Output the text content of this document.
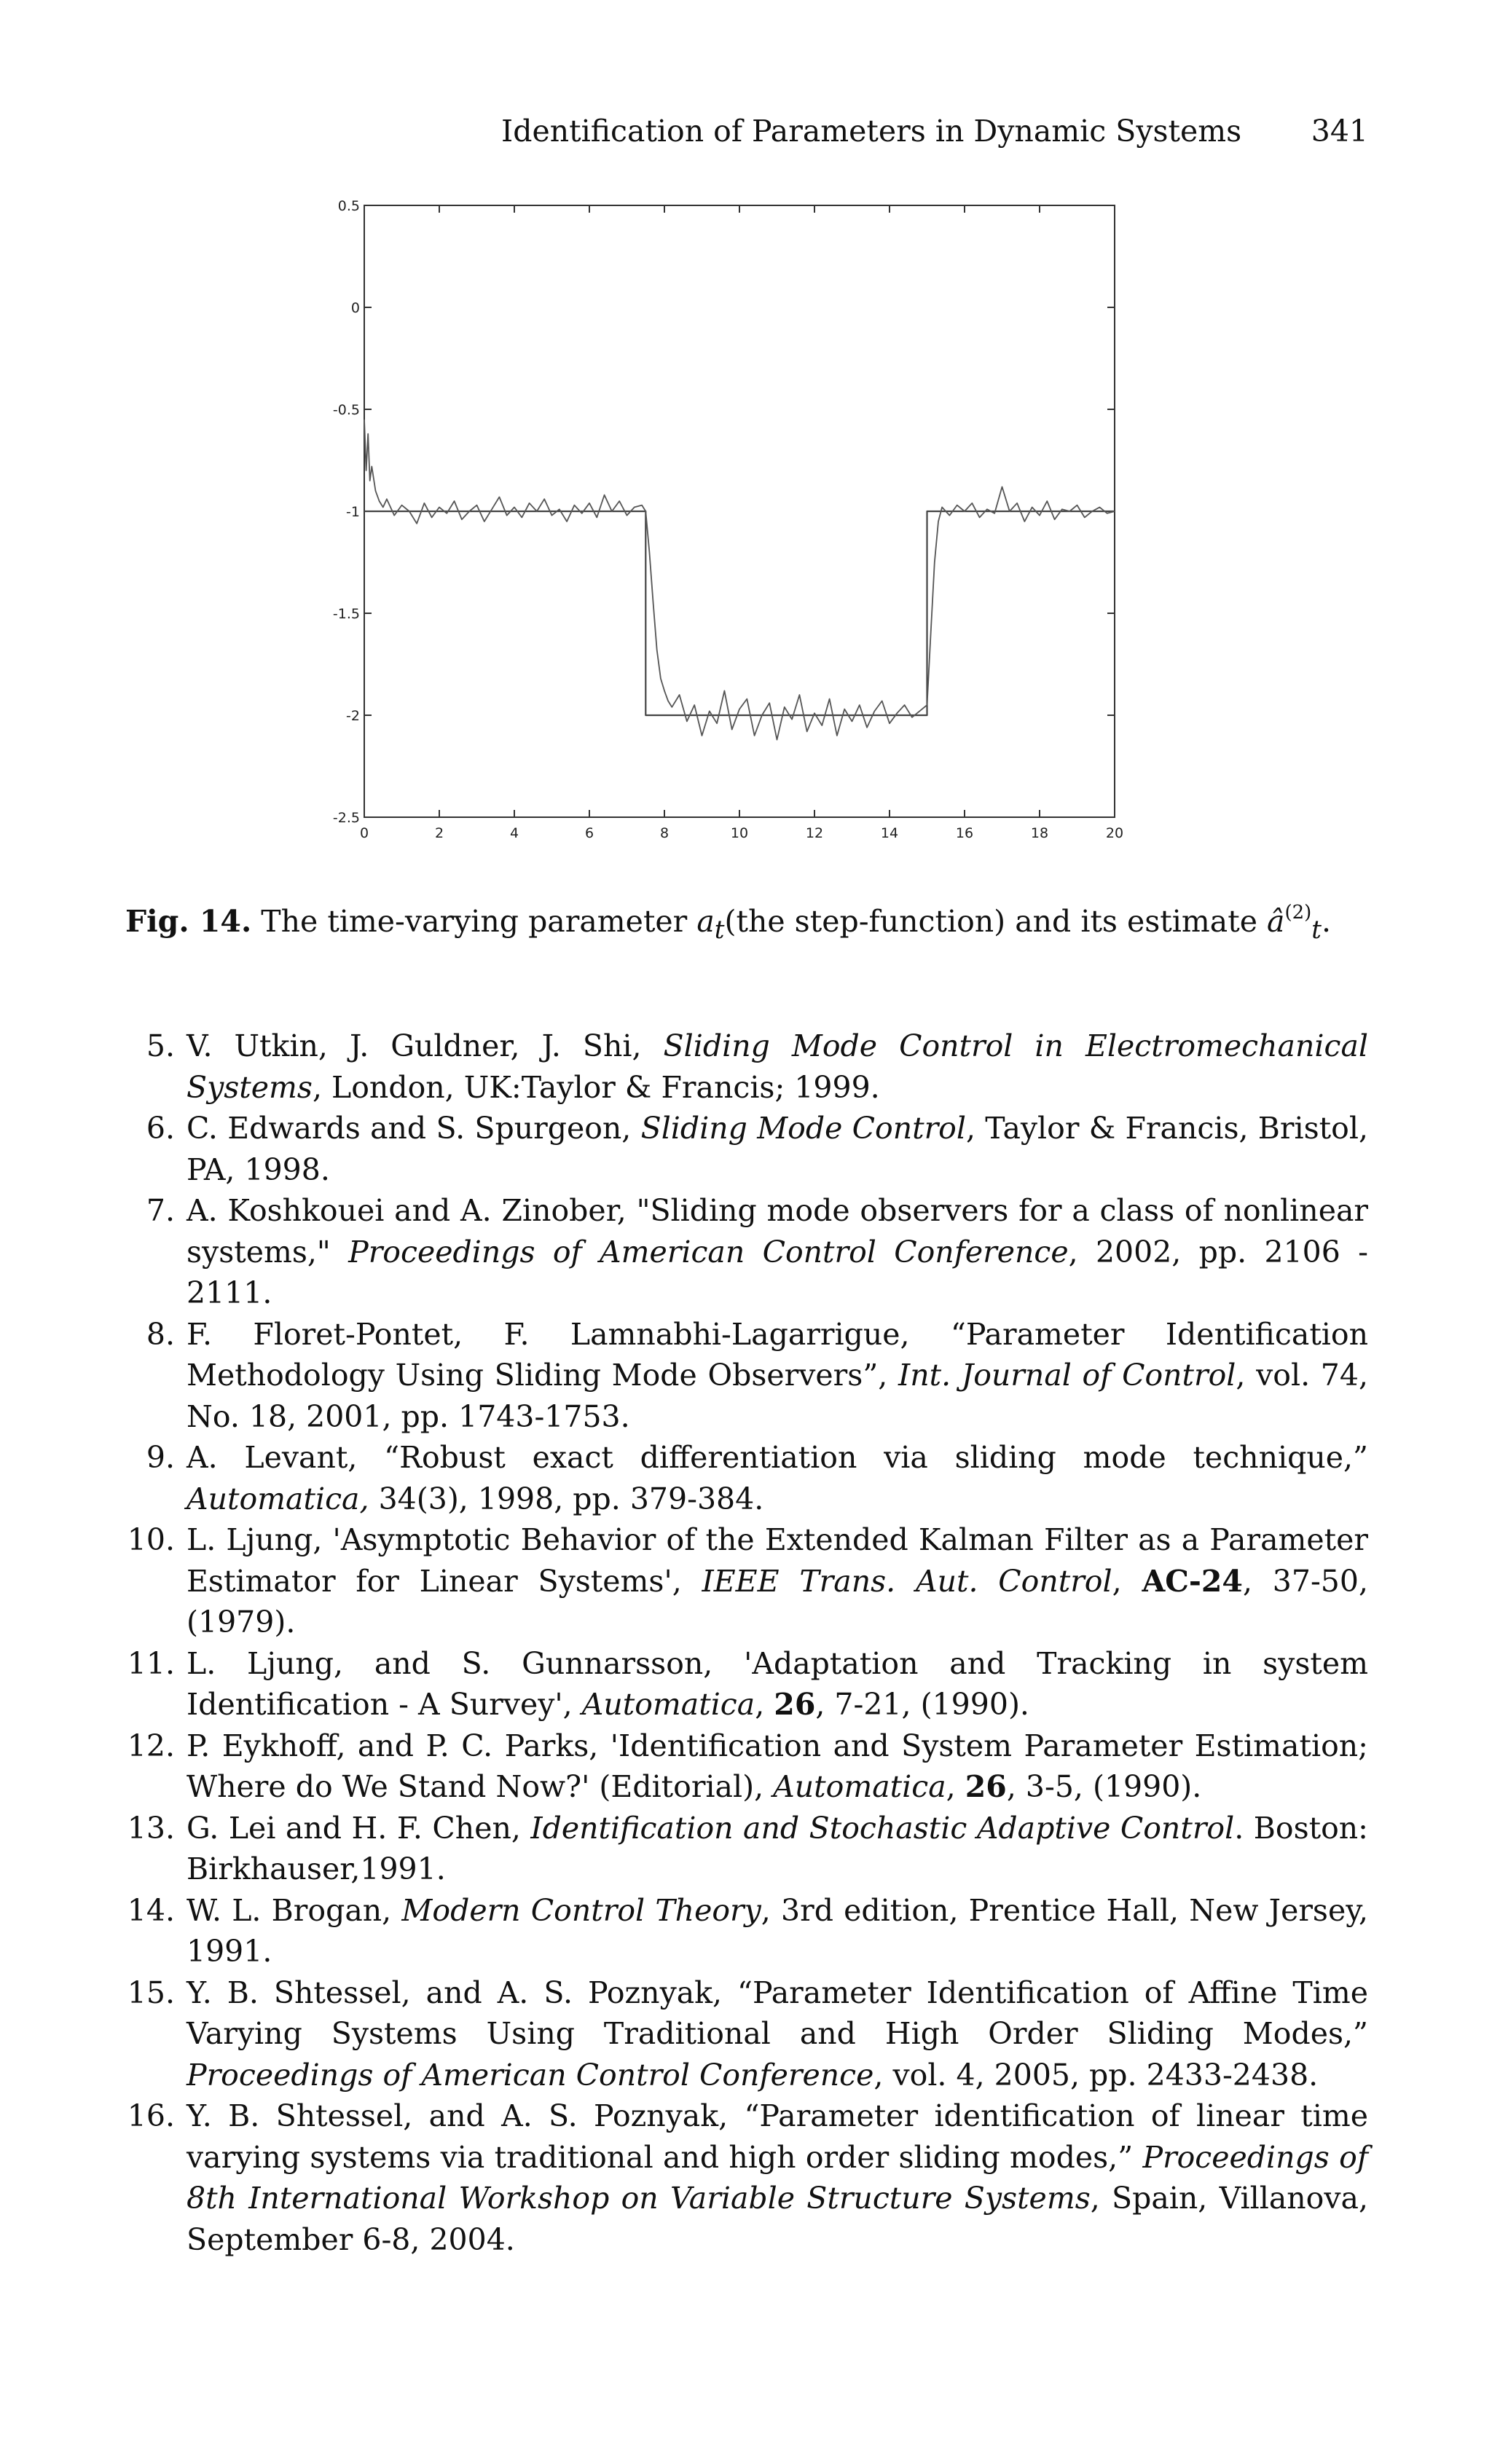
Identification of Parameters in Dynamic Systems 341
0	2	4	6	8	10	12	14	16	18	20
0.5
0
-0.5
-1
-1.5
-2
-2.5
Fig. 14. The time-varying parameter $a_t(the$ step-function) and its estimate $â^{(2)}_t$.
5. V. Utkin, J. Guldner, J. Shi, Sliding Mode Control in Electromechanical Systems, London, UK:Taylor & Francis; 1999.
6. C. Edwards and S. Spurgeon, Sliding Mode Control, Taylor & Francis, Bristol, PA, 1998.
7. A. Koshkouei and A. Zinober, "Sliding mode observers for a class of nonlinear systems," Proceedings of American Control Conference, 2002, pp. 2106 - 2111.
8. F. Floret-Pontet, F. Lamnabhi-Lagarrigue, “Parameter Identification Methodology Using Sliding Mode Observers”, Int. Journal of Control, vol. 74, No. 18, 2001, pp. 1743-1753.
9. A. Levant, “Robust exact differentiation via sliding mode technique,” Automatica, 34(3), 1998, pp. 379-384.
10. L. Ljung, 'Asymptotic Behavior of the Extended Kalman Filter as a Parameter Estimator for Linear Systems', IEEE Trans. Aut. Control, AC-24, 37-50, (1979).
11. L. Ljung, and S. Gunnarsson, 'Adaptation and Tracking in system Identification - A Survey', Automatica, 26, 7-21, (1990).
12. P. Eykhoff, and P. C. Parks, 'Identification and System Parameter Estimation; Where do We Stand Now?' (Editorial), Automatica, 26, 3-5, (1990).
13. G. Lei and H. F. Chen, Identification and Stochastic Adaptive Control. Boston: Birkhauser,1991.
14. W. L. Brogan, Modern Control Theory, 3rd edition, Prentice Hall, New Jersey, 1991.
15. Y. B. Shtessel, and A. S. Poznyak, “Parameter Identification of Affine Time Varying Systems Using Traditional and High Order Sliding Modes,” Proceedings of American Control Conference, vol. 4, 2005, pp. 2433-2438.
16. Y. B. Shtessel, and A. S. Poznyak, “Parameter identification of linear time varying systems via traditional and high order sliding modes,” Proceedings of 8th International Workshop on Variable Structure Systems, Spain, Villanova, September 6-8, 2004.
